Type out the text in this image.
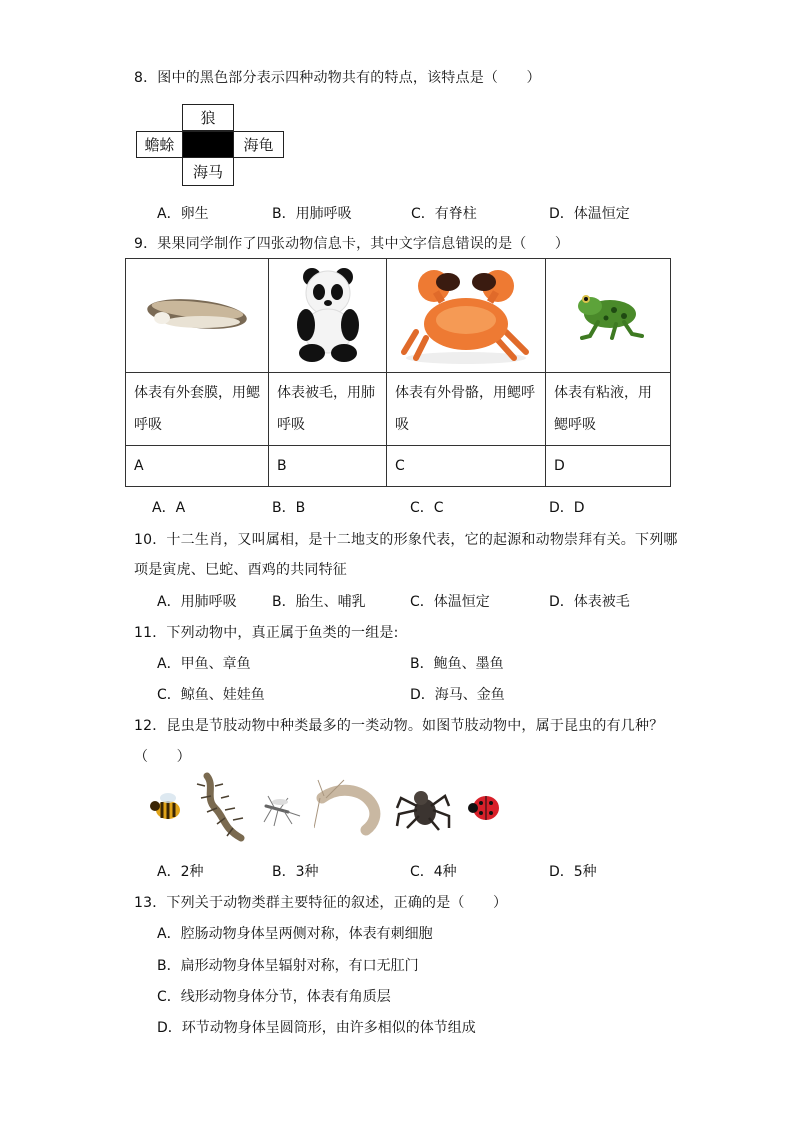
8．图中的黑色部分表示四种动物共有的特点，该特点是（　　）
狼
蟾蜍	海龟
海马
A．卵生	B．用肺呼吸	C．有脊柱	D．体温恒定
9．果果同学制作了四张动物信息卡，其中文字信息错误的是（　　）

体表有外套膜，用鳃呼吸	体表被毛，用肺呼吸	体表有外骨骼，用鳃呼吸	体表有粘液，用鳃呼吸
A	B	C	D
A．A	B．B	C．C	D．D
10．十二生肖，又叫属相，是十二地支的形象代表，它的起源和动物崇拜有关。下列哪
项是寅虎、巳蛇、酉鸡的共同特征
A．用肺呼吸	B．胎生、哺乳	C．体温恒定	D．体表被毛
11．下列动物中，真正属于鱼类的一组是:
A．甲鱼、章鱼	B．鲍鱼、墨鱼
C．鲸鱼、娃娃鱼	D．海马、金鱼
12．昆虫是节肢动物中种类最多的一类动物。如图节肢动物中，属于昆虫的有几种？
（　　）
A．2种	B．3种	C．4种	D．5种
13．下列关于动物类群主要特征的叙述，正确的是（　　）
A．腔肠动物身体呈两侧对称，体表有刺细胞
B．扁形动物身体呈辐射对称，有口无肛门
C．线形动物身体分节，体表有角质层
D．环节动物身体呈圆筒形，由许多相似的体节组成
